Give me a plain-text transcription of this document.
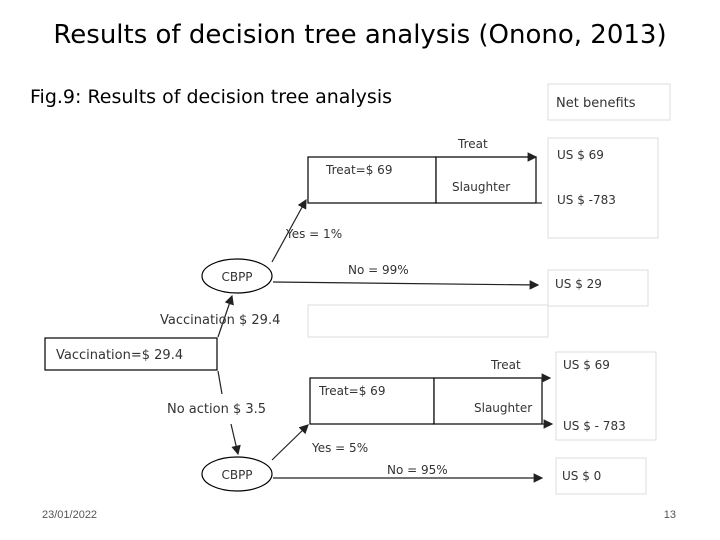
Results of decision tree analysis (Onono, 2013)
Fig.9: Results of decision tree analysis	Net benefits
Vaccination=$ 29.4
Vaccination $ 29.4
No action $ 3.5
CBPP
Yes = 1%
No = 99%
US $ 29
Treat=$ 69
Treat
US $ 69
Slaughter
US $ -783
CBPP
Yes = 5%
No = 95%	US $ 0
Treat=$ 69
Treat	US $ 69
Slaughter
US $ - 783
23/01/2022	13
